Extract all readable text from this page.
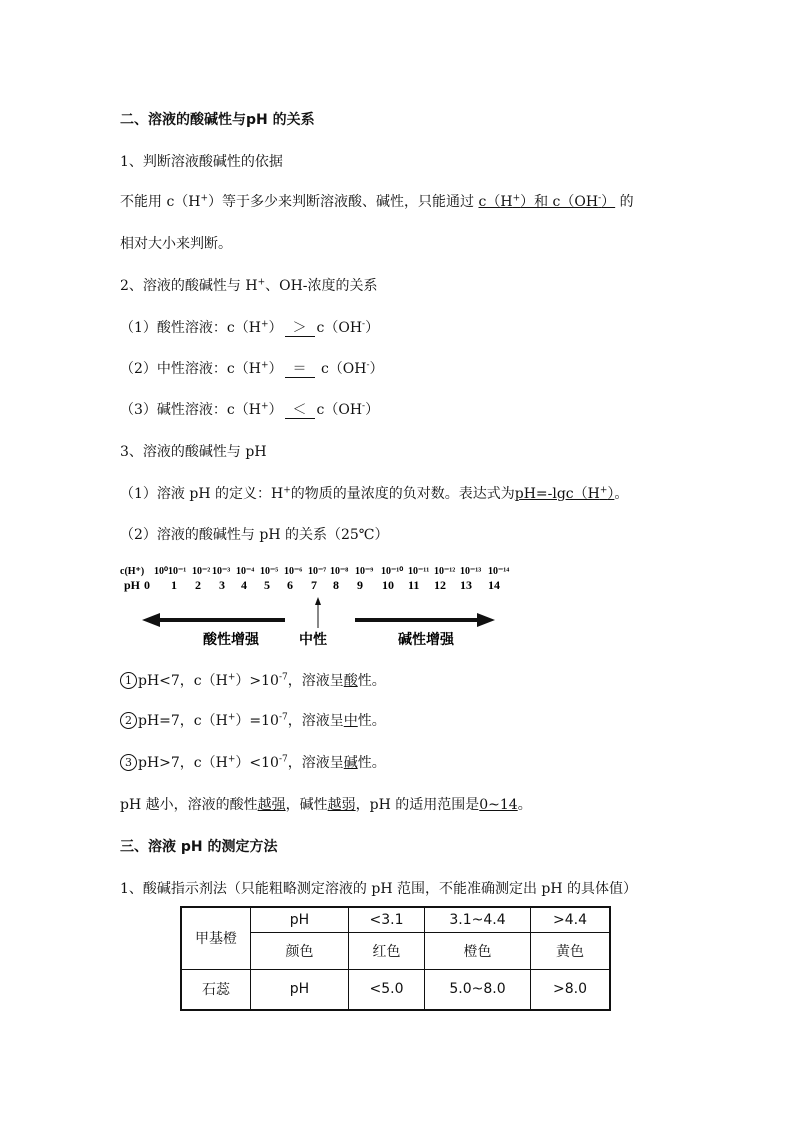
二、溶液的酸碱性与pH 的关系
1、判断溶液酸碱性的依据
不能用 c（H+）等于多少来判断溶液酸、碱性，只能通过 c（H+）和 c（OH-） 的
相对大小来判断。
2、溶液的酸碱性与 H+、OH-浓度的关系
（1）酸性溶液：c（H+） ＞ c（OH-）
（2）中性溶液：c（H+） ＝ c（OH-）
（3）碱性溶液：c（H+） ＜ c（OH-）
3、溶液的酸碱性与 pH
（1）溶液 pH 的定义：H+的物质的量浓度的负对数。表达式为pH=-lgc（H+）。
（2）溶液的酸碱性与 pH 的关系（25℃）
c(H⁺)
pH
10⁰ 10⁻¹ 10⁻² 10⁻³ 10⁻⁴ 10⁻⁵ 10⁻⁶ 10⁻⁷ 10⁻⁸ 10⁻⁹ 10⁻¹⁰ 10⁻¹¹ 10⁻¹² 10⁻¹³ 10⁻¹⁴
0 1 2 3 4 5 6 7 8 9 10 11 12 13 14
酸性增强	中性	碱性增强
1 pH<7，$c(H^+)>10^{-7}$，溶液呈酸性。
2 pH=7，$c(H^+)=10^{-7}$，溶液呈中性。
3 pH>7，$c(H^+)<10^{-7}$，溶液呈碱性。
pH 越小，溶液的酸性越强，碱性越弱，pH 的适用范围是0~14。
三、溶液 pH 的测定方法
1、酸碱指示剂法（只能粗略测定溶液的 pH 范围，不能准确测定出 pH 的具体值）
甲基橙	pH	<3.1	3.1~4.4	>4.4
	颜色	红色	橙色	黄色
石蕊	pH	<5.0	5.0~8.0	>8.0
